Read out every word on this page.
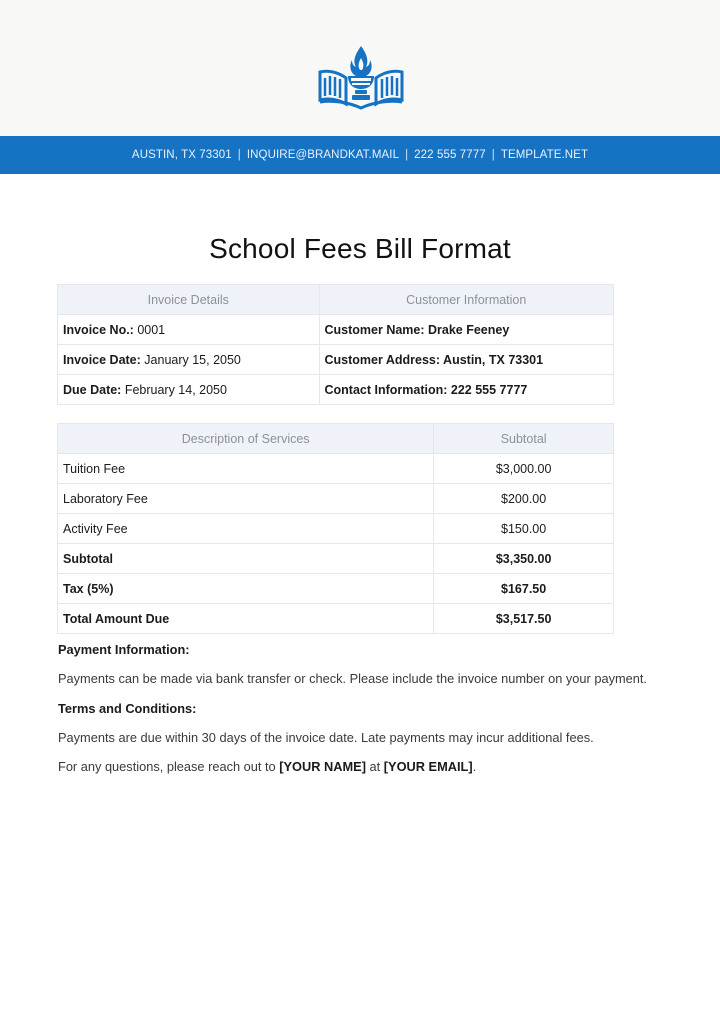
AUSTIN, TX 73301 | INQUIRE@BRANDKAT.MAIL | 222 555 7777 | TEMPLATE.NET
School Fees Bill Format
Invoice Details	Customer Information
Invoice No.: 0001	Customer Name: Drake Feeney
Invoice Date: January 15, 2050	Customer Address: Austin, TX 73301
Due Date: February 14, 2050	Contact Information: 222 555 7777
Description of Services	Subtotal
Tuition Fee	$3,000.00
Laboratory Fee	$200.00
Activity Fee	$150.00
Subtotal	$3,350.00
Tax (5%)	$167.50
Total Amount Due	$3,517.50
Payment Information:

Payments can be made via bank transfer or check. Please include the invoice number on your payment.

Terms and Conditions:

Payments are due within 30 days of the invoice date. Late payments may incur additional fees.

For any questions, please reach out to [YOUR NAME] at [YOUR EMAIL].
